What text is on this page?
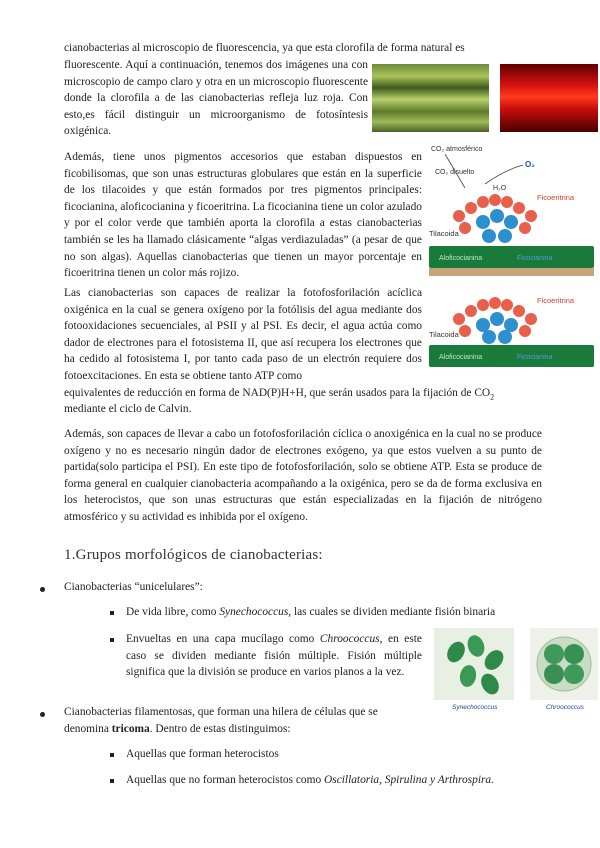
cianobacterias al microscopio de fluorescencia, ya que esta clorofila de forma natural es
fluorescente. Aquí a continuación, tenemos dos imágenes una con microscopio de campo claro y otra en un microscopio fluorescente donde la clorofila a de las cianobacterias refleja luz roja. Con esto,es fácil distinguir un microorganismo de fotosíntesis oxigénica.
Además, tiene unos pigmentos accesorios que estaban dispuestos en ficobilisomas, que son unas estructuras globulares que están en la superficie de los tilacoides y que están formados por tres pigmentos principales: ficocianina, aloficocianina y ficoeritrina. La ficocianina tiene un color azulado y por el color verde que también aporta la clorofila a estas cianobacterias también se les ha llamado clásicamente “algas verdiazuladas” (a pesar de que no son algas). Aquellas cianobacterias que tienen un mayor porcentaje en ficoeritrina tienen un color más rojizo.
CO₂ atmosférico
CO₂ disuelto
H₂O
O₂
Ficoeritrina
Tilacoida
Aloficocianina	Ficocianina
Las cianobacterias son capaces de realizar la fotofosforilación acíclica oxigénica en la cual se genera oxígeno por la fotólisis del agua mediante dos fotooxidaciones secuenciales, al PSII y al PSI. Es decir, el agua actúa como dador de electrones para el fotosistema II, que así recupera los electrones que ha cedido al fotosistema I, por tanto cada paso de un electrón requiere dos fotoexcitaciones. En esta se obtiene tanto ATP como
equivalentes de reducción en forma de NAD(P)H+H, que serán usados para la fijación de $CO_2$
mediante el ciclo de Calvin.
Ficoeritrina
Tilacoida
Aloficocianina	Ficocianina
Además, son capaces de llevar a cabo un fotofosforilación cíclica o anoxigénica en la cual no se produce oxígeno y no es necesario ningún dador de electrones exógeno, ya que estos vuelven a su punto de partida(solo participa el PSI). En este tipo de fotofosforilación, solo se obtiene ATP. Esta se produce de forma general en cualquier cianobacteria acompañando a la oxigénica, pero se da de forma exclusiva en los heterocistos, que son unas estructuras que están especializadas en la fijación de nitrógeno atmosférico y su actividad es inhibida por el oxígeno.
1.Grupos morfológicos de cianobacterias:
Cianobacterias “unicelulares”:
De vida libre, como Synechococcus, las cuales se dividen mediante fisión binaria
Envueltas en una capa mucílago como Chroococcus, en este caso se dividen mediante fisión múltiple. Fisión múltiple significa que la división se produce en varios planos a la vez.
Synechococcus	Chroococcus
Cianobacterias filamentosas, que forman una hilera de células que se denomina tricoma. Dentro de estas distinguimos:
Aquellas que forman heterocistos
Aquellas que no forman heterocistos como Oscillatoria, Spirulina y Arthrospira.
